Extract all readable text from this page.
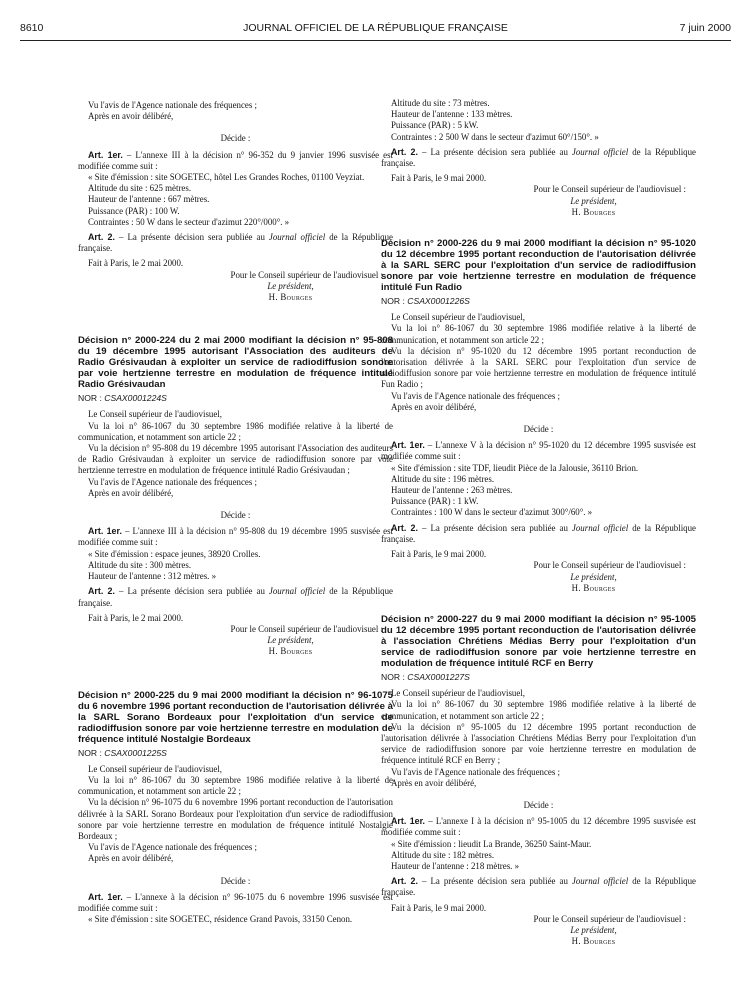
8610	JOURNAL OFFICIEL DE LA RÉPUBLIQUE FRANÇAISE	7 juin 2000

Vu l'avis de l'Agence nationale des fréquences ;

Après en avoir délibéré,

Décide :

Art. 1er. – L'annexe III à la décision n° 96-352 du 9 janvier 1996 susvisée est modifiée comme suit :

« Site d'émission : site SOGETEC, hôtel Les Grandes Roches, 01100 Veyziat.

Altitude du site : 625 mètres.

Hauteur de l'antenne : 667 mètres.

Puissance (PAR) : 100 W.

Contraintes : 50 W dans le secteur d'azimut 220°/000°. »

Art. 2. – La présente décision sera publiée au Journal officiel de la République française.

Fait à Paris, le 2 mai 2000.

Pour le Conseil supérieur de l'audiovisuel :

Le président,

H. Bourges

Décision n° 2000-224 du 2 mai 2000 modifiant la décision n° 95-808 du 19 décembre 1995 autorisant l'Association des auditeurs de Radio Grésivaudan à exploiter un service de radiodiffusion sonore par voie hertzienne terrestre en modulation de fréquence intitulé Radio Grésivaudan

NOR : CSAX0001224S

Le Conseil supérieur de l'audiovisuel,

Vu la loi n° 86-1067 du 30 septembre 1986 modifiée relative à la liberté de communication, et notamment son article 22 ;

Vu la décision n° 95-808 du 19 décembre 1995 autorisant l'Association des auditeurs de Radio Grésivaudan à exploiter un service de radiodiffusion sonore par voie hertzienne terrestre en modulation de fréquence intitulé Radio Grésivaudan ;

Vu l'avis de l'Agence nationale des fréquences ;

Après en avoir délibéré,

Décide :

Art. 1er. – L'annexe III à la décision n° 95-808 du 19 décembre 1995 susvisée est modifiée comme suit :

« Site d'émission : espace jeunes, 38920 Crolles.

Altitude du site : 300 mètres.

Hauteur de l'antenne : 312 mètres. »

Art. 2. – La présente décision sera publiée au Journal officiel de la République française.

Fait à Paris, le 2 mai 2000.

Pour le Conseil supérieur de l'audiovisuel :

Le président,

H. Bourges

Décision n° 2000-225 du 9 mai 2000 modifiant la décision n° 96-1075 du 6 novembre 1996 portant reconduction de l'autorisation délivrée à la SARL Sorano Bordeaux pour l'exploitation d'un service de radiodiffusion sonore par voie hertzienne terrestre en modulation de fréquence intitulé Nostalgie Bordeaux

NOR : CSAX0001225S

Le Conseil supérieur de l'audiovisuel,

Vu la loi n° 86-1067 du 30 septembre 1986 modifiée relative à la liberté de communication, et notamment son article 22 ;

Vu la décision n° 96-1075 du 6 novembre 1996 portant reconduction de l'autorisation délivrée à la SARL Sorano Bordeaux pour l'exploitation d'un service de radiodiffusion sonore par voie hertzienne terrestre en modulation de fréquence intitulé Nostalgie Bordeaux ;

Vu l'avis de l'Agence nationale des fréquences ;

Après en avoir délibéré,

Décide :

Art. 1er. – L'annexe à la décision n° 96-1075 du 6 novembre 1996 susvisée est modifiée comme suit :

« Site d'émission : site SOGETEC, résidence Grand Pavois, 33150 Cenon.

Altitude du site : 73 mètres.

Hauteur de l'antenne : 133 mètres.

Puissance (PAR) : 5 kW.

Contraintes : 2 500 W dans le secteur d'azimut 60°/150°. »

Art. 2. – La présente décision sera publiée au Journal officiel de la République française.

Fait à Paris, le 9 mai 2000.

Pour le Conseil supérieur de l'audiovisuel :

Le président,

H. Bourges

Décision n° 2000-226 du 9 mai 2000 modifiant la décision n° 95-1020 du 12 décembre 1995 portant reconduction de l'autorisation délivrée à la SARL SERC pour l'exploitation d'un service de radiodiffusion sonore par voie hertzienne terrestre en modulation de fréquence intitulé Fun Radio

NOR : CSAX0001226S

Le Conseil supérieur de l'audiovisuel,

Vu la loi n° 86-1067 du 30 septembre 1986 modifiée relative à la liberté de communication, et notamment son article 22 ;

Vu la décision n° 95-1020 du 12 décembre 1995 portant reconduction de l'autorisation délivrée à la SARL SERC pour l'exploitation d'un service de radiodiffusion sonore par voie hertzienne terrestre en modulation de fréquence intitulé Fun Radio ;

Vu l'avis de l'Agence nationale des fréquences ;

Après en avoir délibéré,

Décide :

Art. 1er. – L'annexe V à la décision n° 95-1020 du 12 décembre 1995 susvisée est modifiée comme suit :

« Site d'émission : site TDF, lieudit Pièce de la Jalousie, 36110 Brion.

Altitude du site : 196 mètres.

Hauteur de l'antenne : 263 mètres.

Puissance (PAR) : 1 kW.

Contraintes : 100 W dans le secteur d'azimut 300°/60°. »

Art. 2. – La présente décision sera publiée au Journal officiel de la République française.

Fait à Paris, le 9 mai 2000.

Pour le Conseil supérieur de l'audiovisuel :

Le président,

H. Bourges

Décision n° 2000-227 du 9 mai 2000 modifiant la décision n° 95-1005 du 12 décembre 1995 portant reconduction de l'autorisation délivrée à l'association Chrétiens Médias Berry pour l'exploitation d'un service de radiodiffusion sonore par voie hertzienne terrestre en modulation de fréquence intitulé RCF en Berry

NOR : CSAX0001227S

Le Conseil supérieur de l'audiovisuel,

Vu la loi n° 86-1067 du 30 septembre 1986 modifiée relative à la liberté de communication, et notamment son article 22 ;

Vu la décision n° 95-1005 du 12 décembre 1995 portant reconduction de l'autorisation délivrée à l'association Chrétiens Médias Berry pour l'exploitation d'un service de radiodiffusion sonore par voie hertzienne terrestre en modulation de fréquence intitulé RCF en Berry ;

Vu l'avis de l'Agence nationale des fréquences ;

Après en avoir délibéré,

Décide :

Art. 1er. – L'annexe I à la décision n° 95-1005 du 12 décembre 1995 susvisée est modifiée comme suit :

« Site d'émission : lieudit La Brande, 36250 Saint-Maur.

Altitude du site : 182 mètres.

Hauteur de l'antenne : 218 mètres. »

Art. 2. – La présente décision sera publiée au Journal officiel de la République française.

Fait à Paris, le 9 mai 2000.

Pour le Conseil supérieur de l'audiovisuel :

Le président,

H. Bourges
